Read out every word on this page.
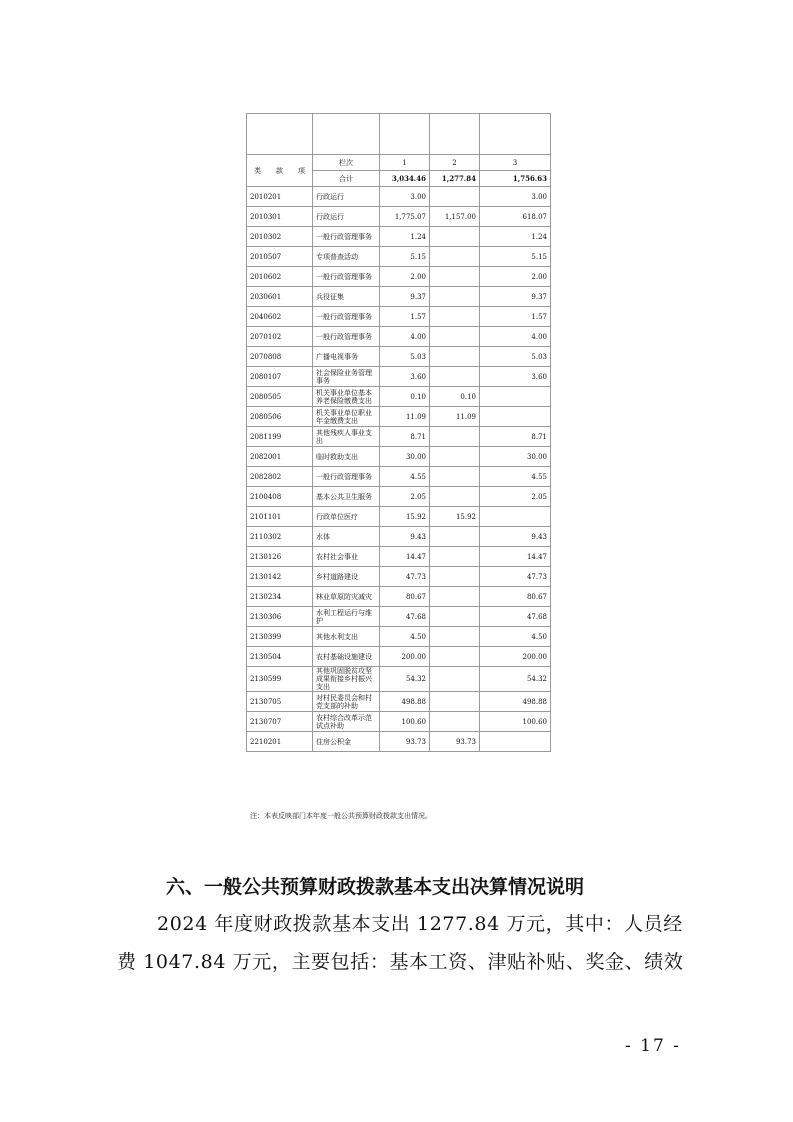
类 款 项	栏次	1	2	3
	合计	3,034.46	1,277.84	1,756.63
2010201	行政运行	3.00		3.00
2010301	行政运行	1,775.07	1,157.00	618.07
2010302	一般行政管理事务	1.24		1.24
2010507	专项普查活动	5.15		5.15
2010602	一般行政管理事务	2.00		2.00
2030601	兵役征集	9.37		9.37
2040602	一般行政管理事务	1.57		1.57
2070102	一般行政管理事务	4.00		4.00
2070808	广播电视事务	5.03		5.03
2080107	社会保险业务管理事务	3.60		3.60
2080505	机关事业单位基本养老保险缴费支出	0.10	0.10	
2080506	机关事业单位职业年金缴费支出	11.09	11.09	
2081199	其他残疾人事业支出	8.71		8.71
2082001	临时救助支出	30.00		30.00
2082802	一般行政管理事务	4.55		4.55
2100408	基本公共卫生服务	2.05		2.05
2101101	行政单位医疗	15.92	15.92	
2110302	水体	9.43		9.43
2130126	农村社会事业	14.47		14.47
2130142	乡村道路建设	47.73		47.73
2130234	林业草原防灾减灾	80.67		80.67
2130306	水利工程运行与维护	47.68		47.68
2130399	其他水利支出	4.50		4.50
2130504	农村基础设施建设	200.00		200.00
2130599	其他巩固脱贫攻坚成果衔接乡村振兴支出	54.32		54.32
2130705	对村民委员会和村党支部的补助	498.88		498.88
2130707	农村综合改革示范试点补助	100.60		100.60
2210201	住房公积金	93.73	93.73	
注：本表反映部门本年度一般公共预算财政拨款支出情况。
六、一般公共预算财政拨款基本支出决算情况说明
2024 年度财政拨款基本支出 1277.84 万元，其中：人员经
费 1047.84 万元，主要包括：基本工资、津贴补贴、奖金、绩效
- 17 -
